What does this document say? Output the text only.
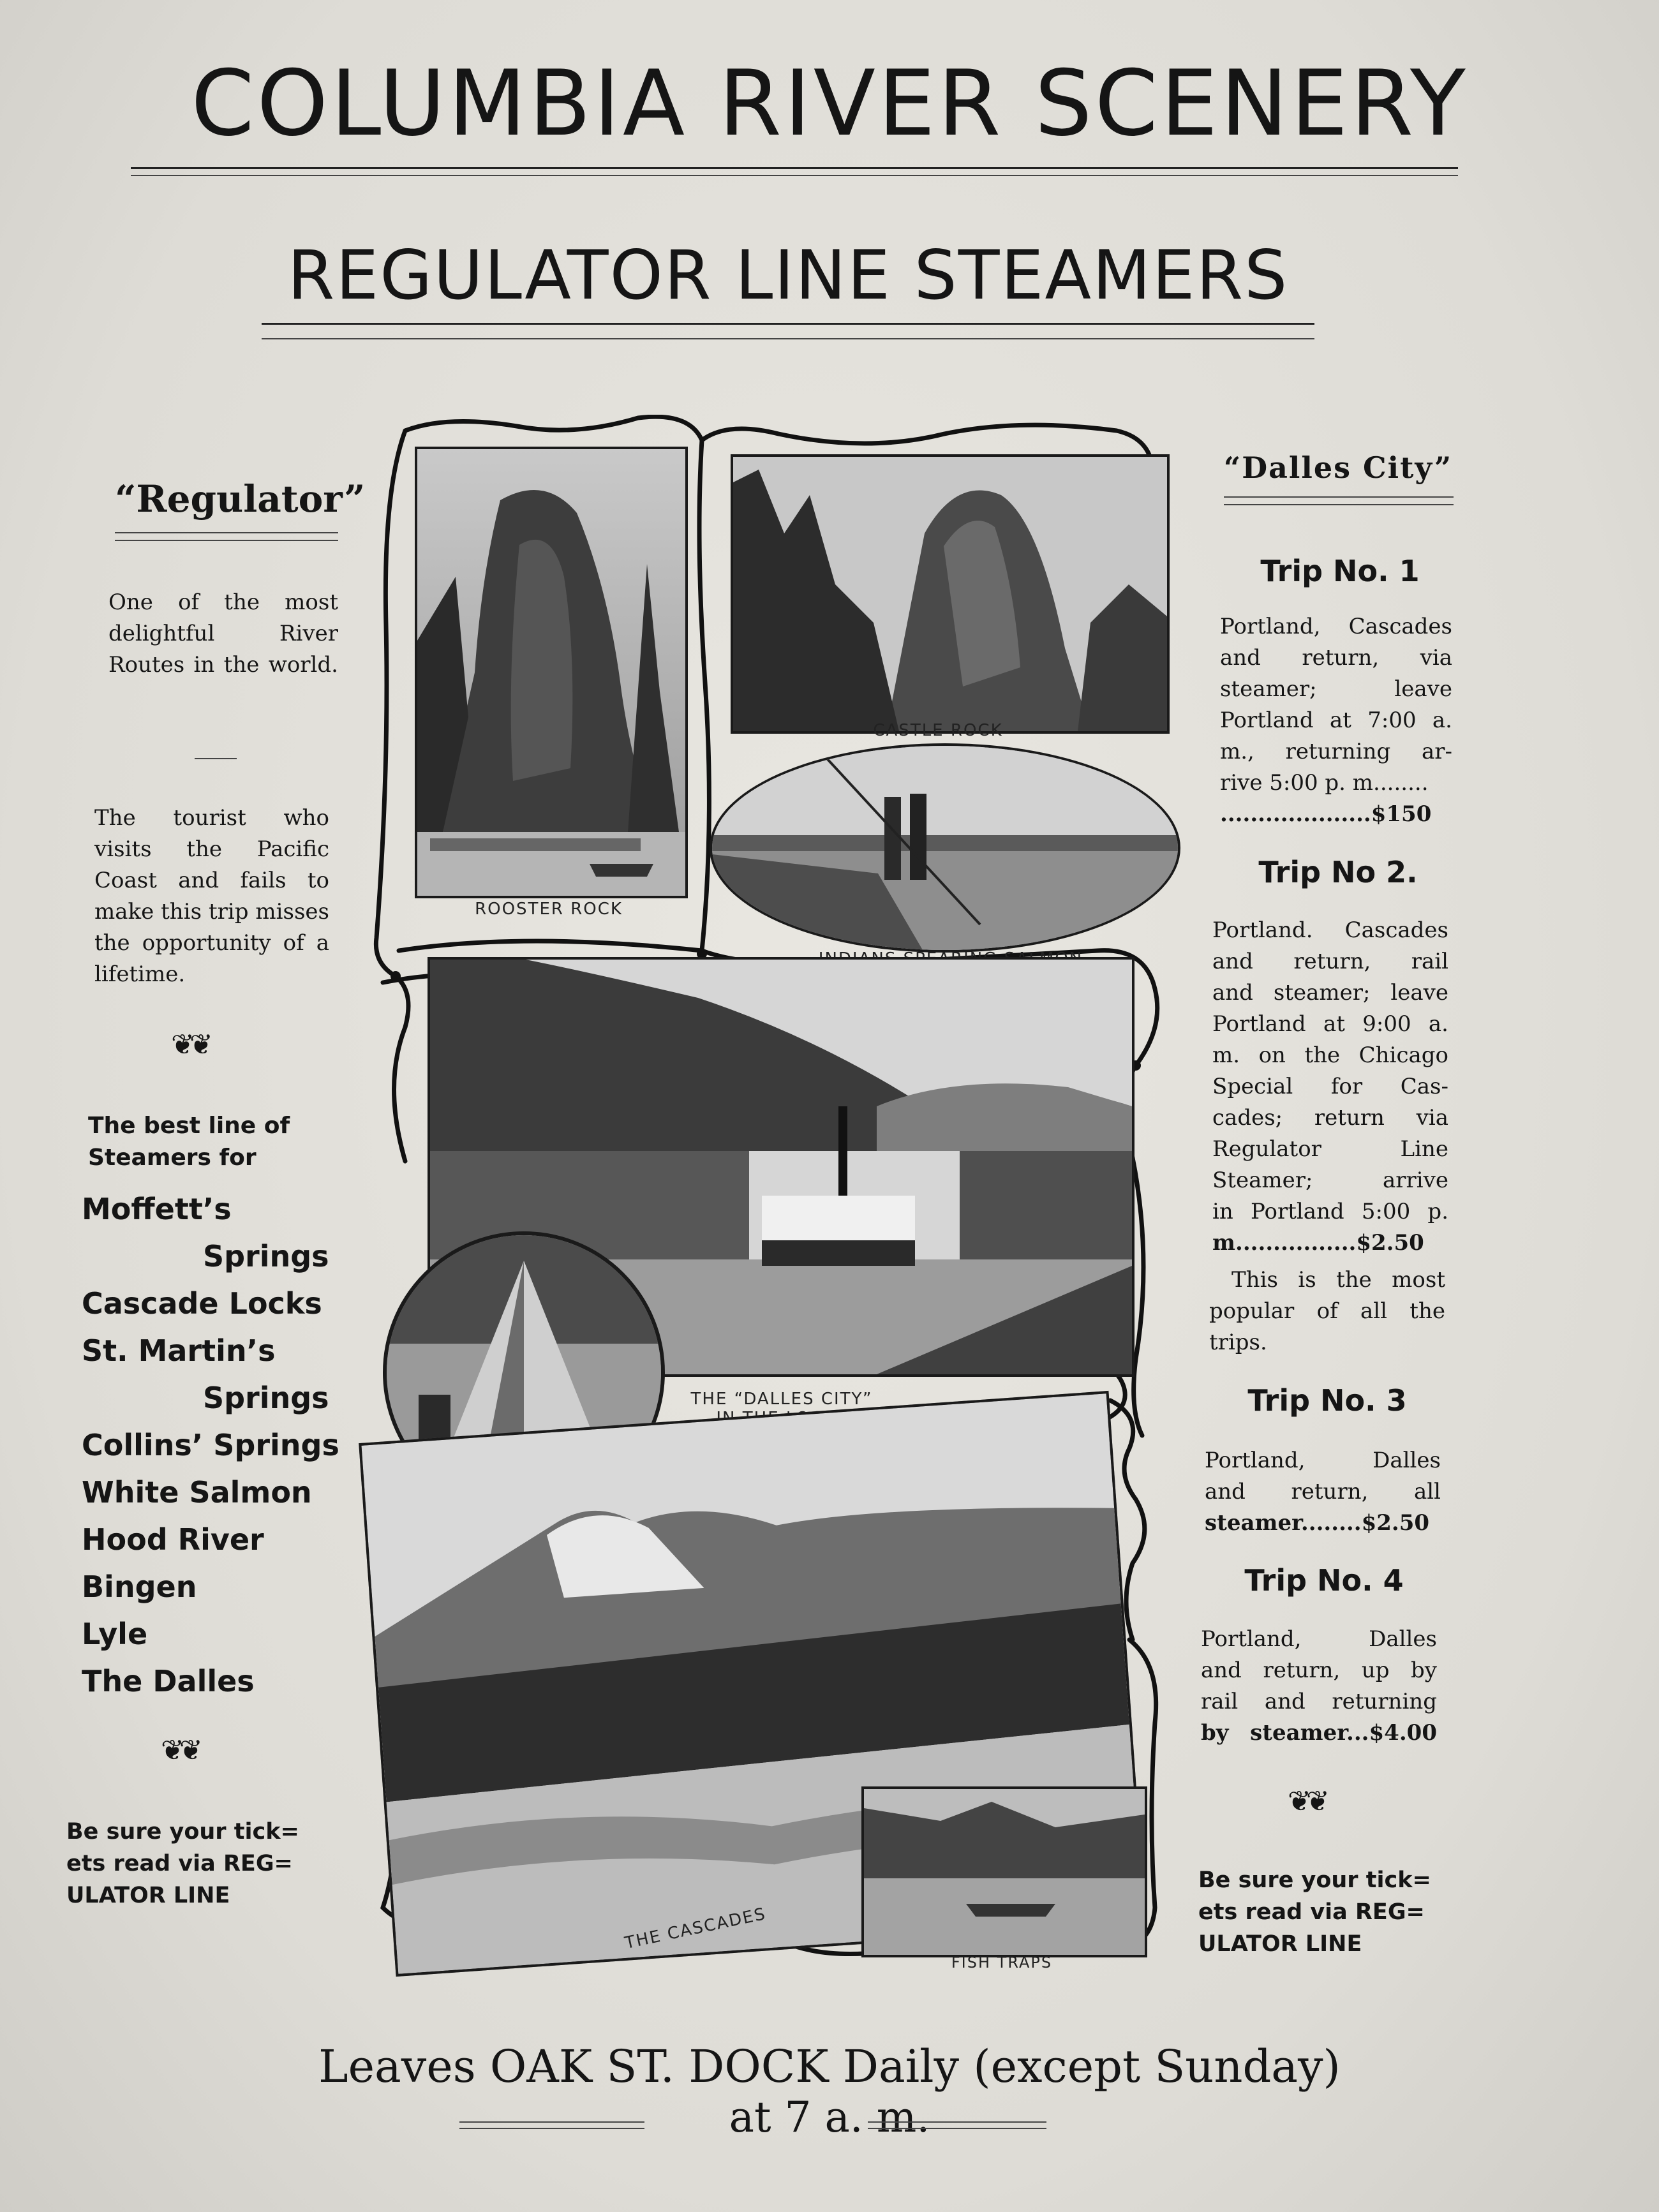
COLUMBIA RIVER SCENERY
REGULATOR LINE STEAMERS
“Regulator”
One of the most delightful River Routes in the world.
The tourist who visits the Pacific Coast and fails to make this trip misses the opportunity of a lifetime.
❦❦
The best line of Steamers for
Moffett’s
Springs
Cascade Locks
St. Martin’s
Springs
Collins’ Springs
White Salmon
Hood River
Bingen
Lyle
The Dalles
❦❦
Be sure your tick= ets read via REG= ULATOR LINE
ROOSTER ROCK
CASTLE ROCK
THE “DALLES CITY”
THE CASCADES
FISH TRAPS
“Dalles City”
Trip No. 1
Portland, Cascades
and return, via
steamer; leave
Portland at 7:00 a.
m., returning ar-
rive 5:00 p. m........
....................$150
Trip No 2.
Portland. Cascades
and return, rail
and steamer; leave
Portland at 9:00 a.
m. on the Chicago
Special for Cas-
cades; return via
Regulator Line
Steamer; arrive
in Portland 5:00 p.
m................$2.50
This is the most
popular of all the
trips.
Trip No. 3
Portland, Dalles
and return, all
steamer........$2.50
Trip No. 4
Portland, Dalles
and return, up by
rail and returning
by steamer...$4.00
❦❦
Be sure your tick= ets read via REG= ULATOR LINE
Leaves OAK ST. DOCK Daily (except Sunday)
at 7 a. m.
